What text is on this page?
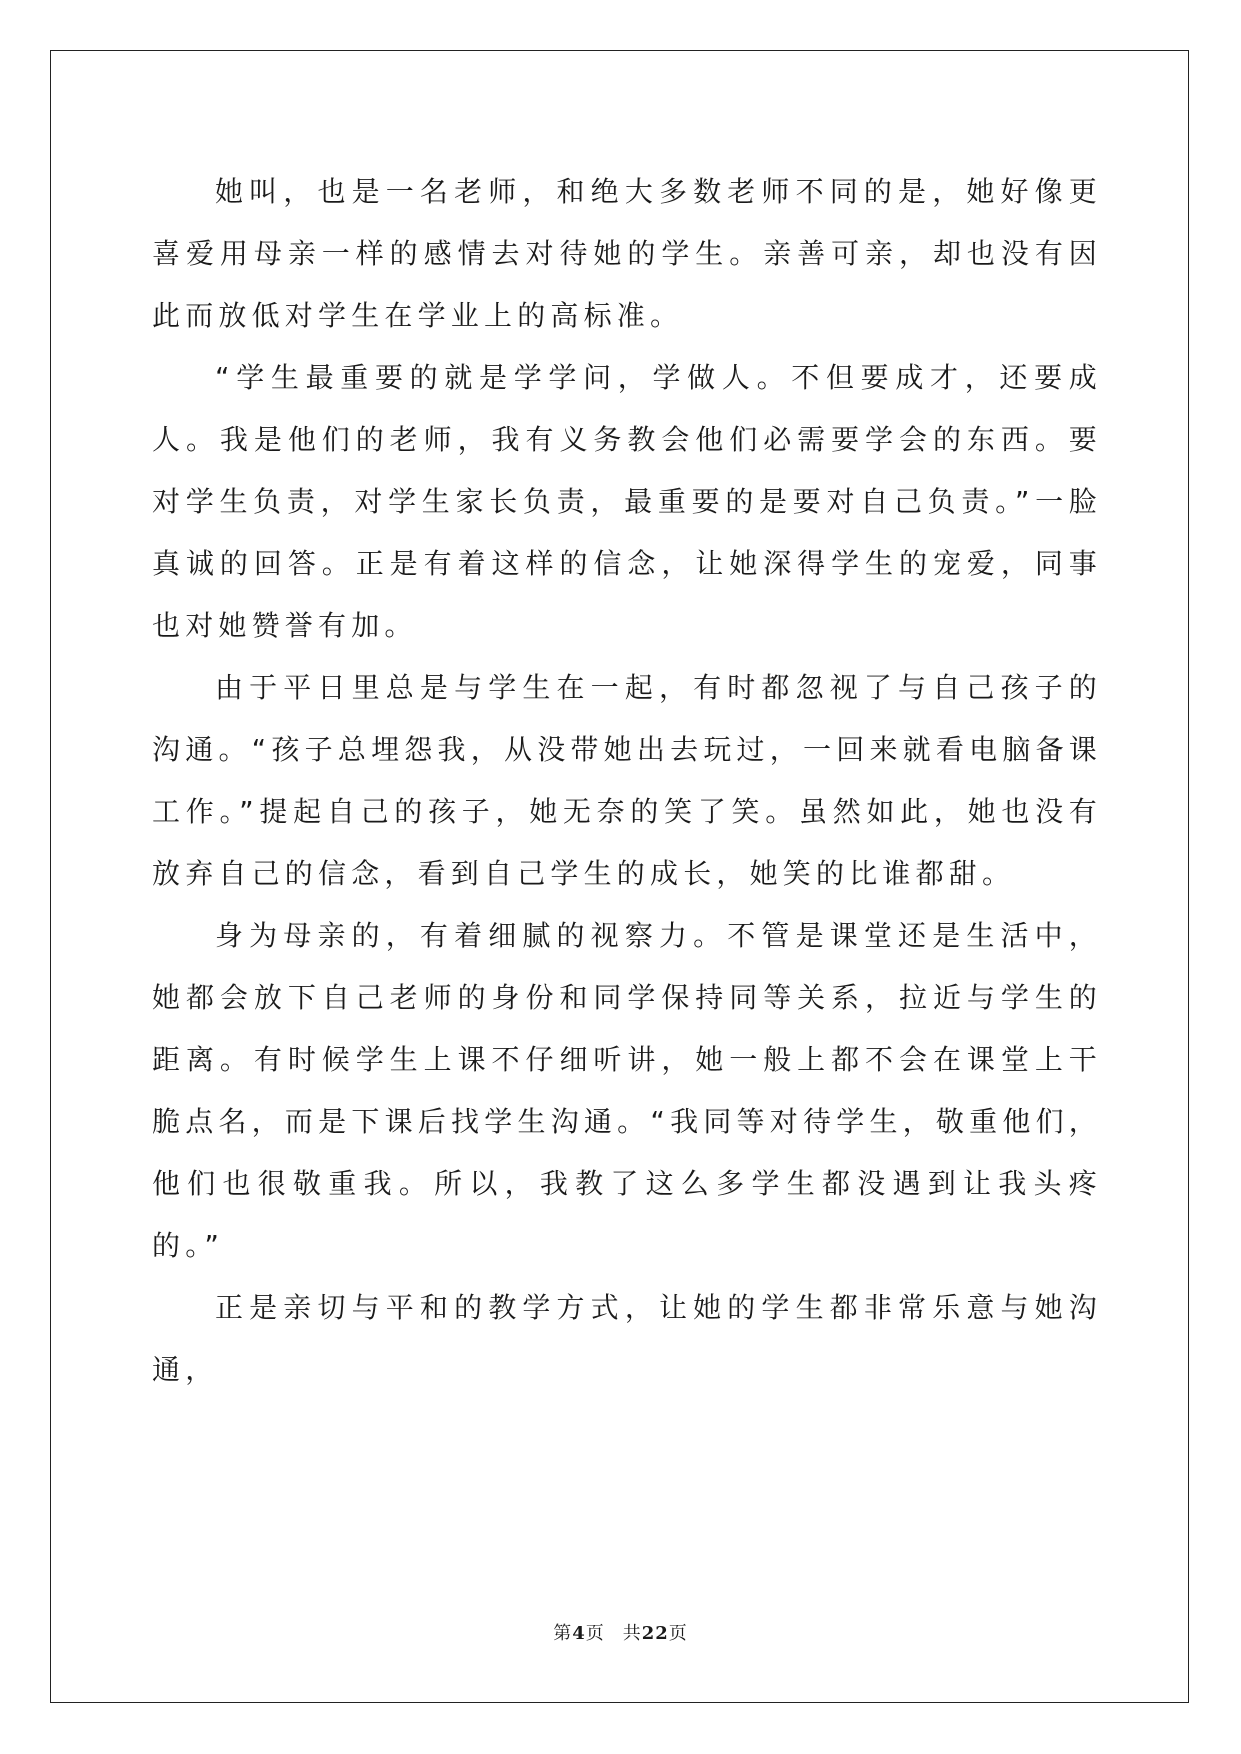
她叫，也是一名老师，和绝大多数老师不同的是，她好像更喜爱用母亲一样的感情去对待她的学生。亲善可亲，却也没有因此而放低对学生在学业上的高标准。

“学生最重要的就是学学问，学做人。不但要成才，还要成人。我是他们的老师，我有义务教会他们必需要学会的东西。要对学生负责，对学生家长负责，最重要的是要对自己负责。”一脸真诚的回答。正是有着这样的信念，让她深得学生的宠爱，同事也对她赞誉有加。

由于平日里总是与学生在一起，有时都忽视了与自己孩子的沟通。“孩子总埋怨我，从没带她出去玩过，一回来就看电脑备课工作。”提起自己的孩子，她无奈的笑了笑。虽然如此，她也没有放弃自己的信念，看到自己学生的成长，她笑的比谁都甜。

身为母亲的，有着细腻的视察力。不管是课堂还是生活中，她都会放下自己老师的身份和同学保持同等关系，拉近与学生的距离。有时候学生上课不仔细听讲，她一般上都不会在课堂上干脆点名，而是下课后找学生沟通。“我同等对待学生，敬重他们，他们也很敬重我。所以，我教了这么多学生都没遇到让我头疼的。”

正是亲切与平和的教学方式，让她的学生都非常乐意与她沟通，

第4页 共22页
